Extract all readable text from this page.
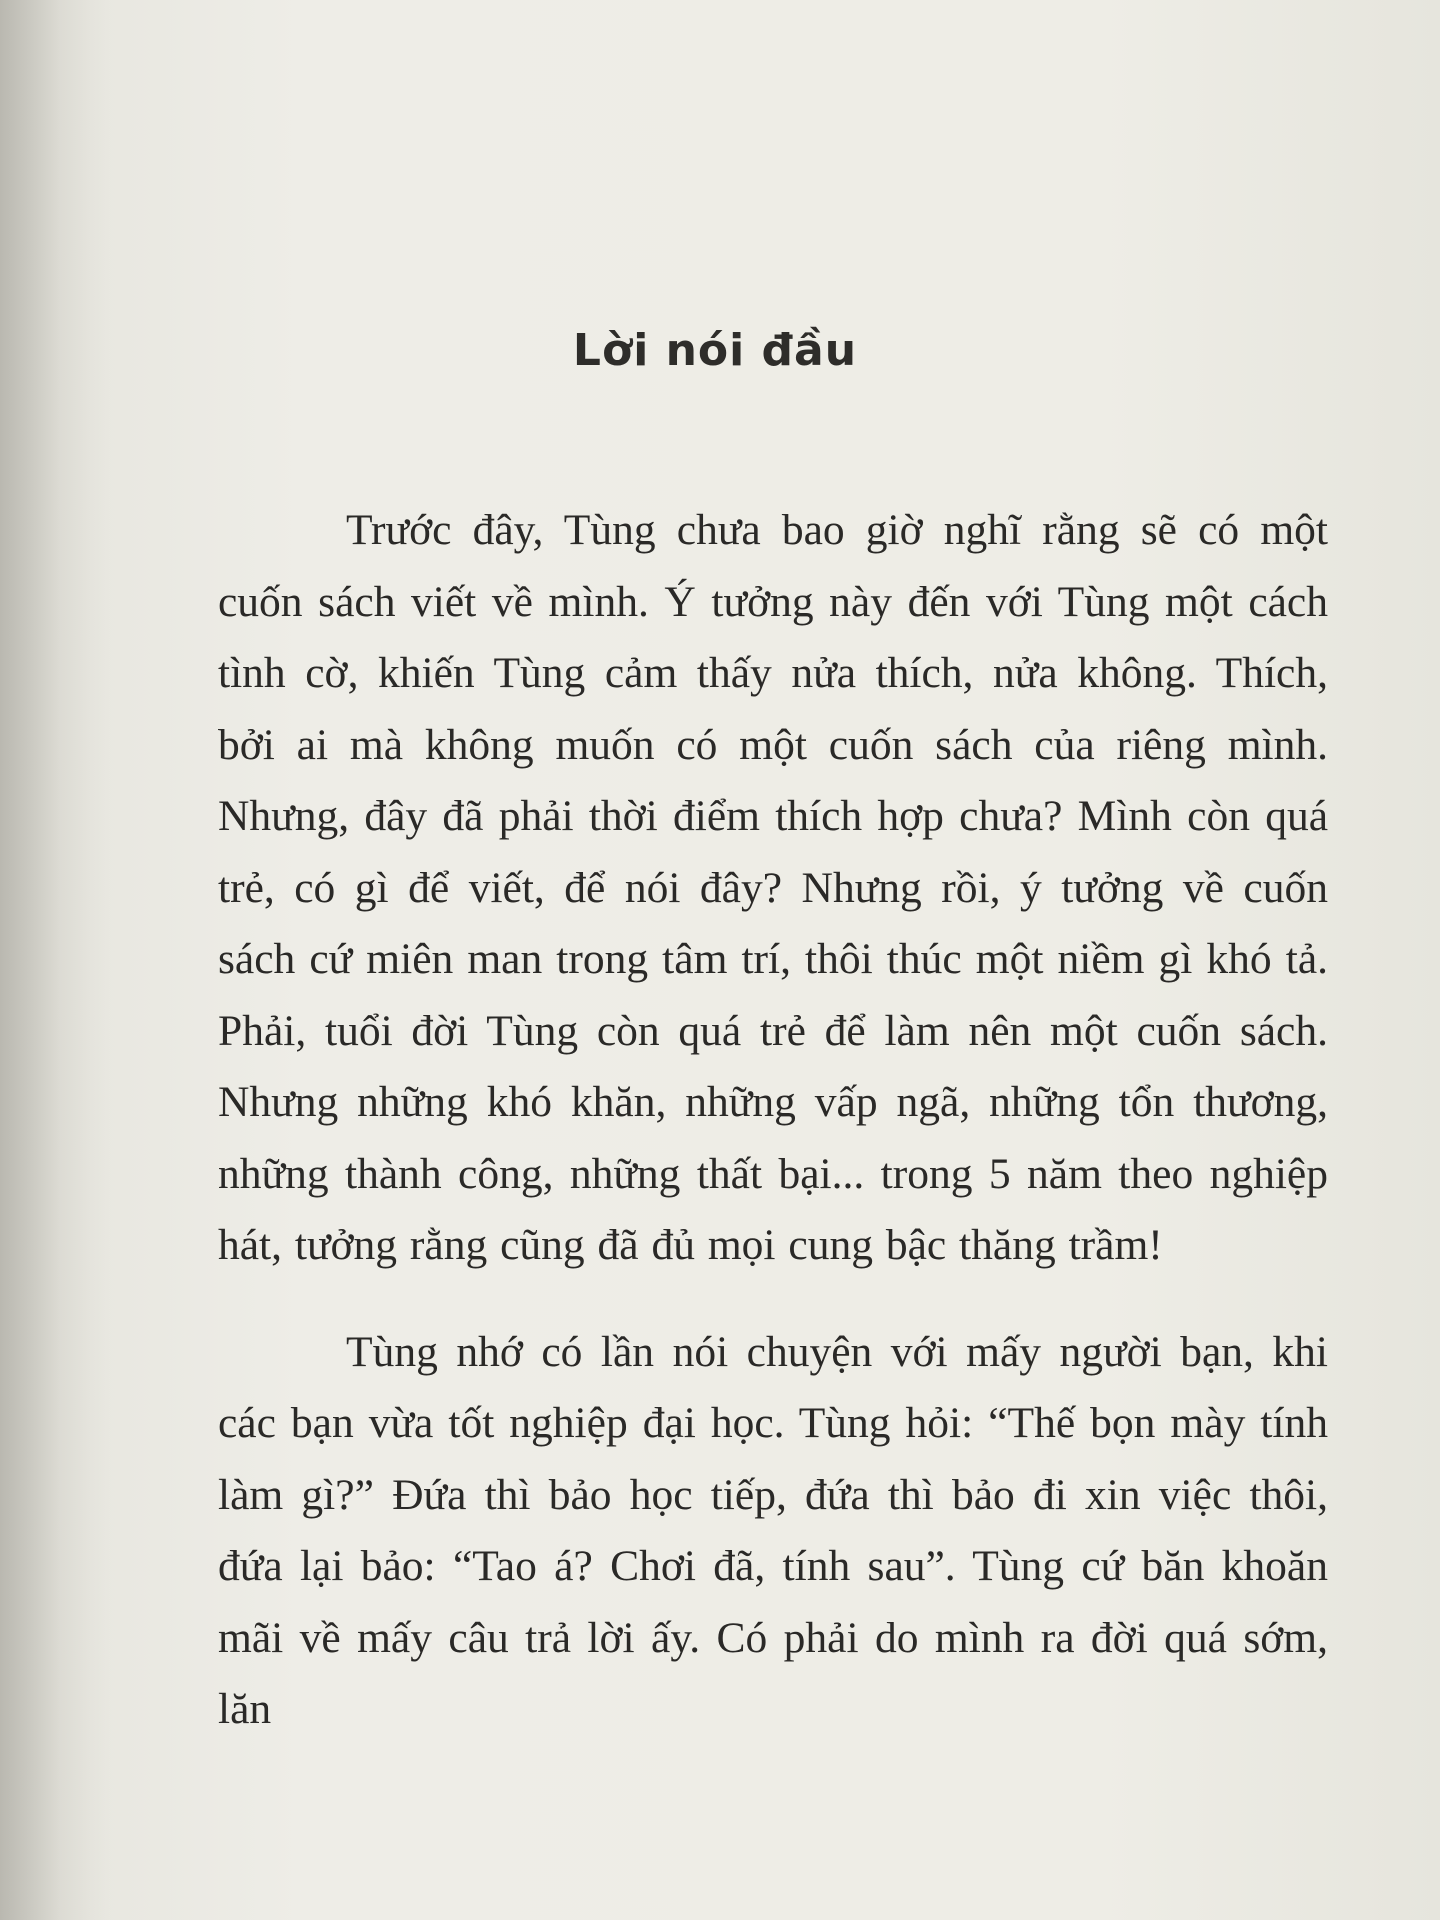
Lời nói đầu

Trước đây, Tùng chưa bao giờ nghĩ rằng sẽ có một cuốn sách viết về mình. Ý tưởng này đến với Tùng một cách tình cờ, khiến Tùng cảm thấy nửa thích, nửa không. Thích, bởi ai mà không muốn có một cuốn sách của riêng mình. Nhưng, đây đã phải thời điểm thích hợp chưa? Mình còn quá trẻ, có gì để viết, để nói đây? Nhưng rồi, ý tưởng về cuốn sách cứ miên man trong tâm trí, thôi thúc một niềm gì khó tả. Phải, tuổi đời Tùng còn quá trẻ để làm nên một cuốn sách. Nhưng những khó khăn, những vấp ngã, những tổn thương, những thành công, những thất bại... trong 5 năm theo nghiệp hát, tưởng rằng cũng đã đủ mọi cung bậc thăng trầm!

Tùng nhớ có lần nói chuyện với mấy người bạn, khi các bạn vừa tốt nghiệp đại học. Tùng hỏi: “Thế bọn mày tính làm gì?” Đứa thì bảo học tiếp, đứa thì bảo đi xin việc thôi, đứa lại bảo: “Tao á? Chơi đã, tính sau”. Tùng cứ băn khoăn mãi về mấy câu trả lời ấy. Có phải do mình ra đời quá sớm, lăn
